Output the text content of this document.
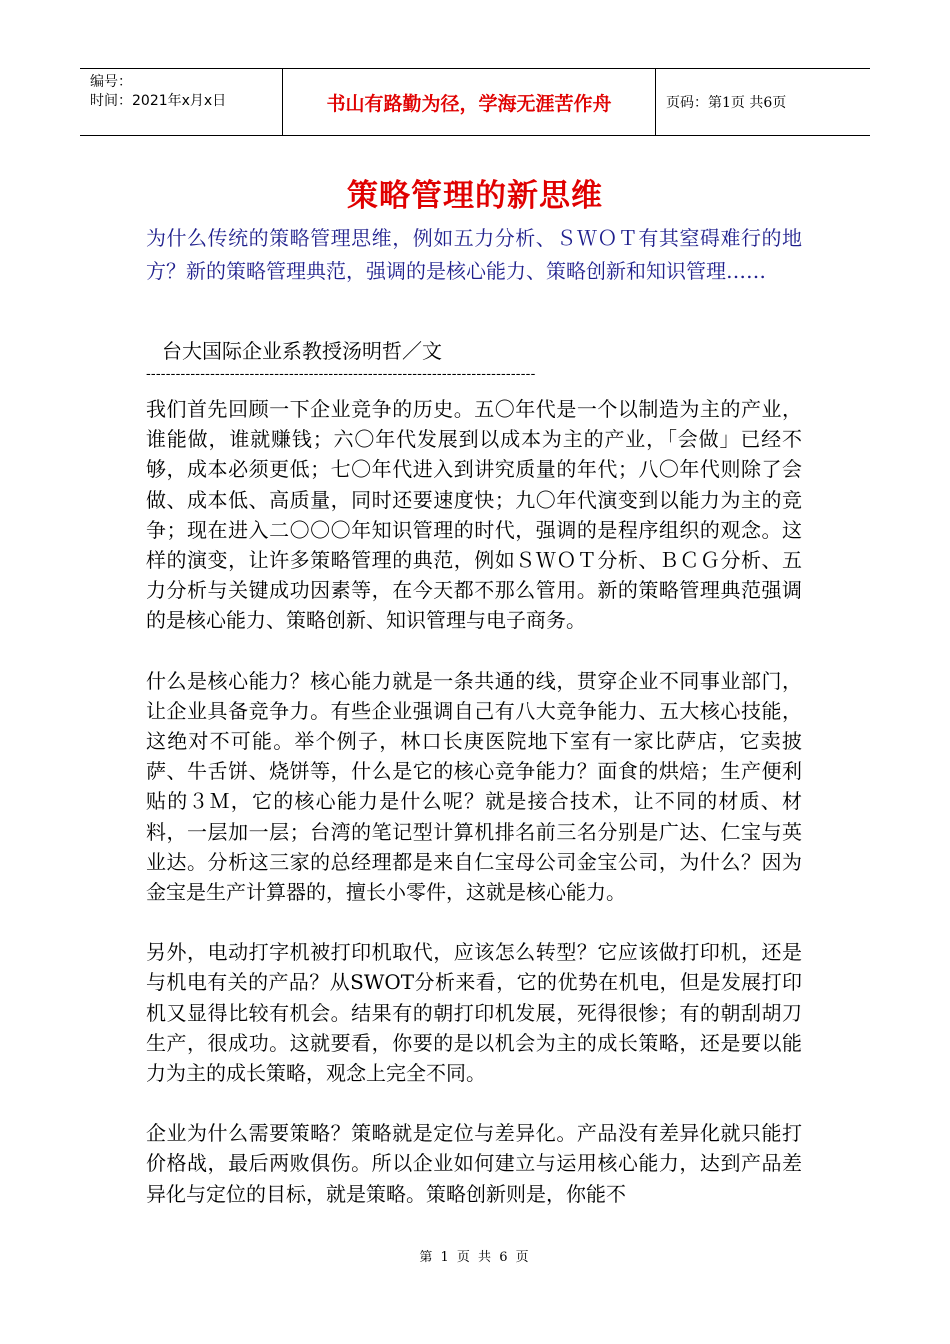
编号：
时间：2021年x月x日	书山有路勤为径，学海无涯苦作舟	页码：第1页 共6页
策略管理的新思维
为什么传统的策略管理思维，例如五力分析、ＳＷＯＴ有其窒碍难行的地方？新的策略管理典范，强调的是核心能力、策略创新和知识管理……
台大国际企业系教授汤明哲／文
-------------------------------------------------------------------------------

我们首先回顾一下企业竞争的历史。五〇年代是一个以制造为主的产业，谁能做，谁就赚钱；六〇年代发展到以成本为主的产业，「会做」已经不够，成本必须更低；七〇年代进入到讲究质量的年代；八〇年代则除了会做、成本低、高质量，同时还要速度快；九〇年代演变到以能力为主的竞争；现在进入二〇〇〇年知识管理的时代，强调的是程序组织的观念。这样的演变，让许多策略管理的典范，例如ＳＷＯＴ分析、ＢＣＧ分析、五力分析与关键成功因素等，在今天都不那么管用。新的策略管理典范强调的是核心能力、策略创新、知识管理与电子商务。

什么是核心能力？核心能力就是一条共通的线，贯穿企业不同事业部门，让企业具备竞争力。有些企业强调自己有八大竞争能力、五大核心技能，这绝对不可能。举个例子，林口长庚医院地下室有一家比萨店，它卖披萨、牛舌饼、烧饼等，什么是它的核心竞争能力？面食的烘焙；生产便利贴的３Ｍ，它的核心能力是什么呢？就是接合技术，让不同的材质、材料，一层加一层；台湾的笔记型计算机排名前三名分别是广达、仁宝与英业达。分析这三家的总经理都是来自仁宝母公司金宝公司，为什么？因为金宝是生产计算器的，擅长小零件，这就是核心能力。

另外，电动打字机被打印机取代，应该怎么转型？它应该做打印机，还是与机电有关的产品？从SWOT分析来看，它的优势在机电，但是发展打印机又显得比较有机会。结果有的朝打印机发展，死得很惨；有的朝刮胡刀生产，很成功。这就要看，你要的是以机会为主的成长策略，还是要以能力为主的成长策略，观念上完全不同。

企业为什么需要策略？策略就是定位与差异化。产品没有差异化就只能打价格战，最后两败俱伤。所以企业如何建立与运用核心能力，达到产品差异化与定位的目标，就是策略。策略创新则是，你能不

第 1 页 共 6 页
